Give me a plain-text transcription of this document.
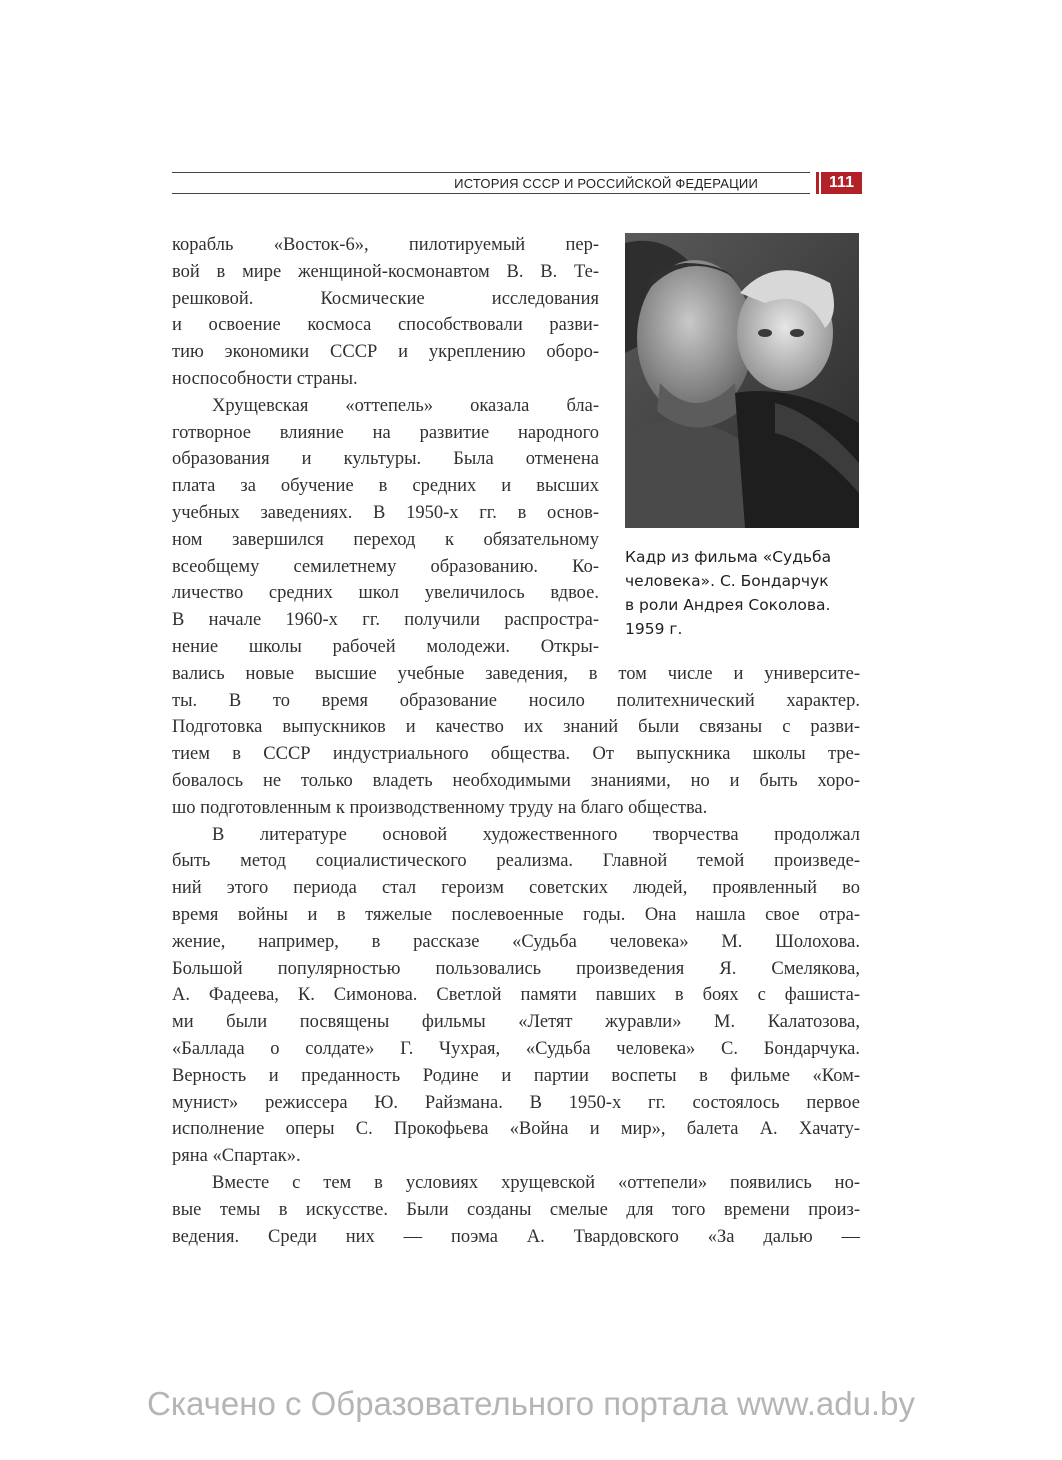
ИСТОРИЯ СССР И РОССИЙСКОЙ ФЕДЕРАЦИИ	111
Кадр из фильма «Судьба
человека». С. Бондарчук
в роли Андрея Соколова.
1959 г.
корабль «Восток-6», пилотируемый пер-
вой в мире женщиной-космонавтом В. В. Те-
решковой. Космические исследования
и освоение космоса способствовали разви-
тию экономики СССР и укреплению оборо-
носпособности страны.
Хрущевская «оттепель» оказала бла-
готворное влияние на развитие народного
образования и культуры. Была отменена
плата за обучение в средних и высших
учебных заведениях. В 1950-х гг. в основ-
ном завершился переход к обязательному
всеобщему семилетнему образованию. Ко-
личество средних школ увеличилось вдвое.
В начале 1960-х гг. получили распростра-
нение школы рабочей молодежи. Откры-
вались новые высшие учебные заведения, в том числе и университе-
ты. В то время образование носило политехнический характер.
Подготовка выпускников и качество их знаний были связаны с разви-
тием в СССР индустриального общества. От выпускника школы тре-
бовалось не только владеть необходимыми знаниями, но и быть хоро-
шо подготовленным к производственному труду на благо общества.
В литературе основой художественного творчества продолжал
быть метод социалистического реализма. Главной темой произведе-
ний этого периода стал героизм советских людей, проявленный во
время войны и в тяжелые послевоенные годы. Она нашла свое отра-
жение, например, в рассказе «Судьба человека» М. Шолохова.
Большой популярностью пользовались произведения Я. Смелякова,
А. Фадеева, К. Симонова. Светлой памяти павших в боях с фашиста-
ми были посвящены фильмы «Летят журавли» М. Калатозова,
«Баллада о солдате» Г. Чухрая, «Судьба человека» С. Бондарчука.
Верность и преданность Родине и партии воспеты в фильме «Ком-
мунист» режиссера Ю. Райзмана. В 1950-х гг. состоялось первое
исполнение оперы С. Прокофьева «Война и мир», балета А. Хачату-
ряна «Спартак».
Вместе с тем в условиях хрущевской «оттепели» появились но-
вые темы в искусстве. Были созданы смелые для того времени произ-
ведения. Среди них — поэма А. Твардовского «За далью —
Скачено с Образовательного портала www.adu.by
